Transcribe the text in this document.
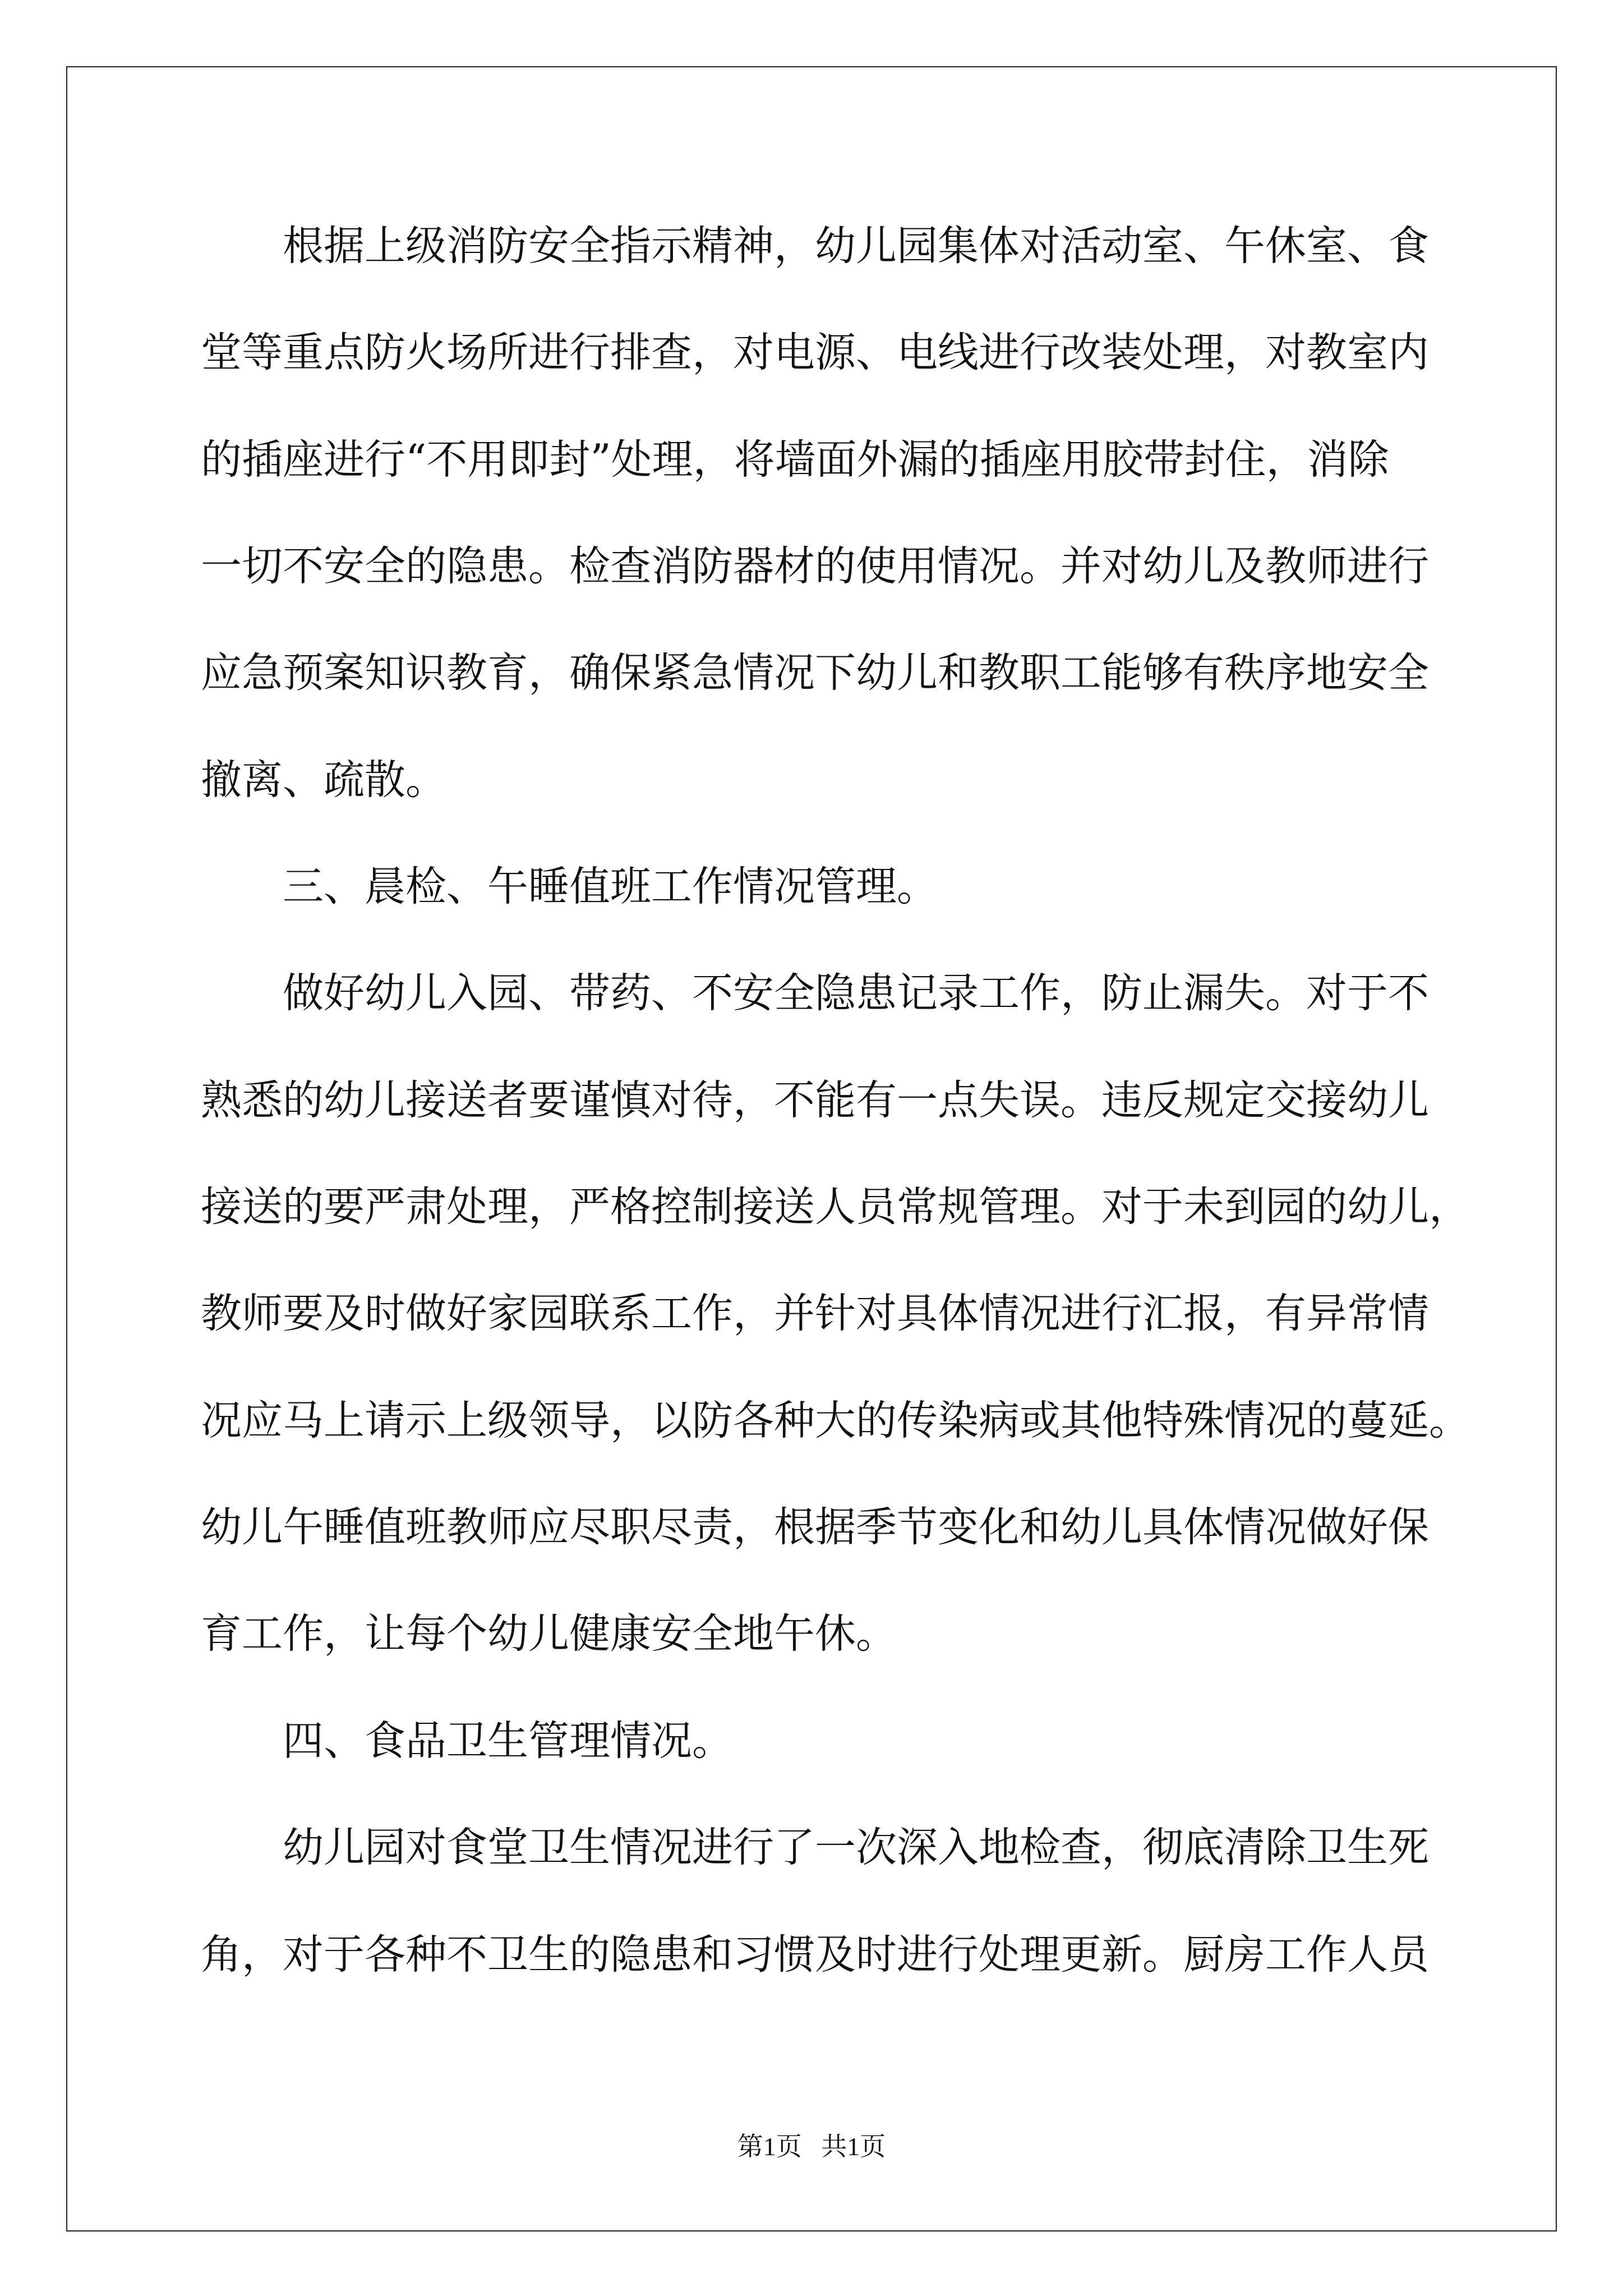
根据上级消防安全指示精神，幼儿园集体对活动室、午休室、食
堂等重点防火场所进行排查，对电源、电线进行改装处理，对教室内
的插座进行“不用即封”处理，将墙面外漏的插座用胶带封住，消除
一切不安全的隐患。检查消防器材的使用情况。并对幼儿及教师进行
应急预案知识教育，确保紧急情况下幼儿和教职工能够有秩序地安全
撤离、疏散。
三、晨检、午睡值班工作情况管理。
做好幼儿入园、带药、不安全隐患记录工作，防止漏失。对于不
熟悉的幼儿接送者要谨慎对待，不能有一点失误。违反规定交接幼儿
接送的要严肃处理，严格控制接送人员常规管理。对于未到园的幼儿，
教师要及时做好家园联系工作，并针对具体情况进行汇报，有异常情
况应马上请示上级领导，以防各种大的传染病或其他特殊情况的蔓延。
幼儿午睡值班教师应尽职尽责，根据季节变化和幼儿具体情况做好保
育工作，让每个幼儿健康安全地午休。
四、食品卫生管理情况。
幼儿园对食堂卫生情况进行了一次深入地检查，彻底清除卫生死
角，对于各种不卫生的隐患和习惯及时进行处理更新。厨房工作人员
第1页   共1页
